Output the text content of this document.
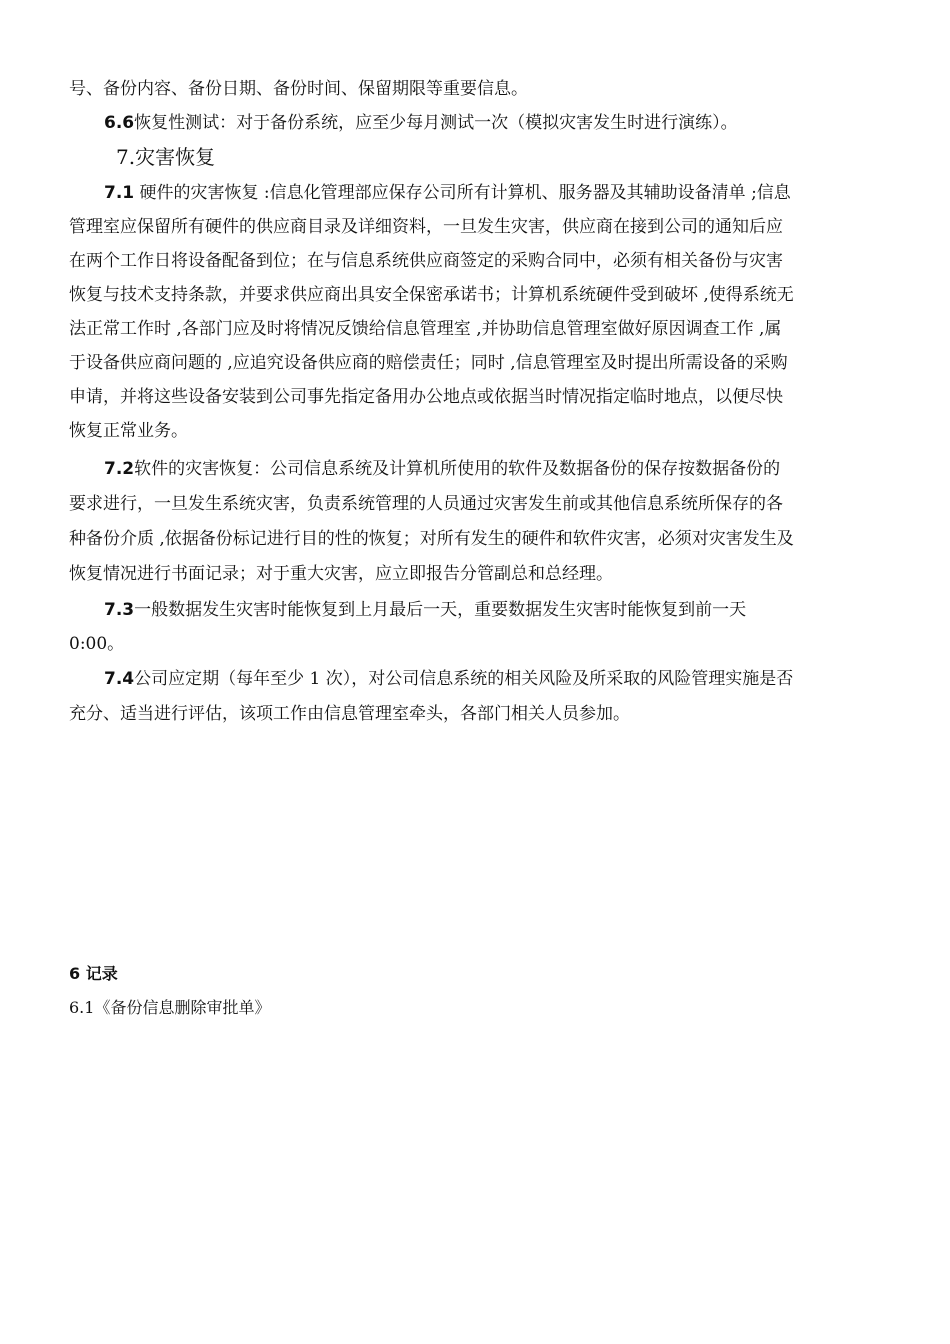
号、备份内容、备份日期、备份时间、保留期限等重要信息。
6.6恢复性测试：对于备份系统，应至少每月测试一次（模拟灾害发生时进行演练）。
7.灾害恢复
7.1 硬件的灾害恢复 :信息化管理部应保存公司所有计算机、服务器及其辅助设备清单 ;信息
管理室应保留所有硬件的供应商目录及详细资料，一旦发生灾害，供应商在接到公司的通知后应
在两个工作日将设备配备到位；在与信息系统供应商签定的采购合同中，必须有相关备份与灾害
恢复与技术支持条款，并要求供应商出具安全保密承诺书；计算机系统硬件受到破坏 ,使得系统无
法正常工作时 ,各部门应及时将情况反馈给信息管理室 ,并协助信息管理室做好原因调查工作 ,属
于设备供应商问题的 ,应追究设备供应商的赔偿责任；同时 ,信息管理室及时提出所需设备的采购
申请，并将这些设备安装到公司事先指定备用办公地点或依据当时情况指定临时地点，以便尽快
恢复正常业务。
7.2软件的灾害恢复：公司信息系统及计算机所使用的软件及数据备份的保存按数据备份的
要求进行，一旦发生系统灾害，负责系统管理的人员通过灾害发生前或其他信息系统所保存的各
种备份介质 ,依据备份标记进行目的性的恢复；对所有发生的硬件和软件灾害，必须对灾害发生及
恢复情况进行书面记录；对于重大灾害，应立即报告分管副总和总经理。
7.3一般数据发生灾害时能恢复到上月最后一天，重要数据发生灾害时能恢复到前一天
0:00。
7.4公司应定期（每年至少 1 次），对公司信息系统的相关风险及所采取的风险管理实施是否
充分、适当进行评估，该项工作由信息管理室牵头，各部门相关人员参加。
6 记录
6.1《备份信息删除审批单》
